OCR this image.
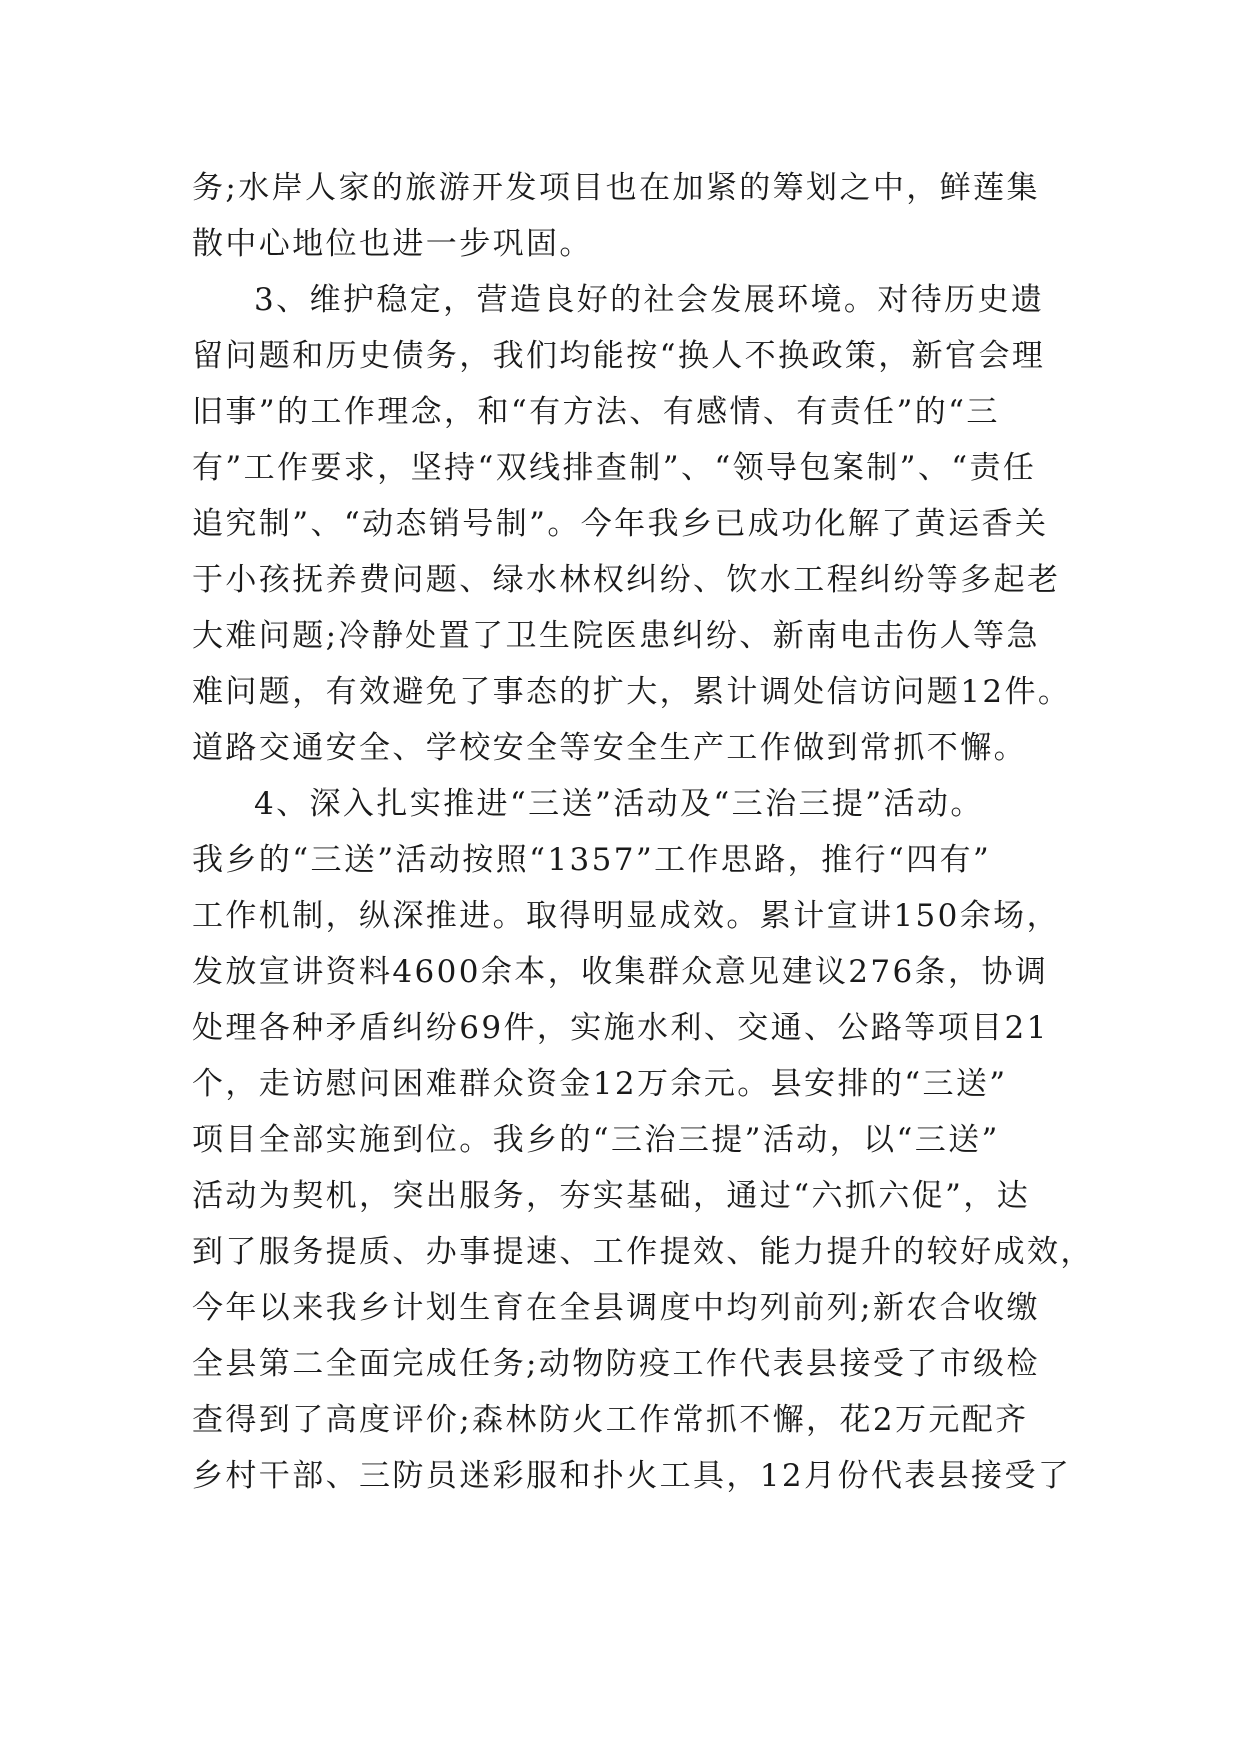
务;水岸人家的旅游开发项目也在加紧的筹划之中，鲜莲集
散中心地位也进一步巩固。
3、维护稳定，营造良好的社会发展环境。对待历史遗
留问题和历史债务，我们均能按“换人不换政策，新官会理
旧事”的工作理念，和“有方法、有感情、有责任”的“三
有”工作要求，坚持“双线排查制”、“领导包案制”、“责任
追究制”、“动态销号制”。今年我乡已成功化解了黄运香关
于小孩抚养费问题、绿水林权纠纷、饮水工程纠纷等多起老
大难问题;冷静处置了卫生院医患纠纷、新南电击伤人等急
难问题，有效避免了事态的扩大，累计调处信访问题12件。
道路交通安全、学校安全等安全生产工作做到常抓不懈。
4、深入扎实推进“三送”活动及“三治三提”活动。
我乡的“三送”活动按照“1357”工作思路，推行“四有”
工作机制，纵深推进。取得明显成效。累计宣讲150余场，
发放宣讲资料4600余本，收集群众意见建议276条，协调
处理各种矛盾纠纷69件，实施水利、交通、公路等项目21
个，走访慰问困难群众资金12万余元。县安排的“三送”
项目全部实施到位。我乡的“三治三提”活动，以“三送”
活动为契机，突出服务，夯实基础，通过“六抓六促”，达
到了服务提质、办事提速、工作提效、能力提升的较好成效，
今年以来我乡计划生育在全县调度中均列前列;新农合收缴
全县第二全面完成任务;动物防疫工作代表县接受了市级检
查得到了高度评价;森林防火工作常抓不懈，花2万元配齐
乡村干部、三防员迷彩服和扑火工具，12月份代表县接受了
